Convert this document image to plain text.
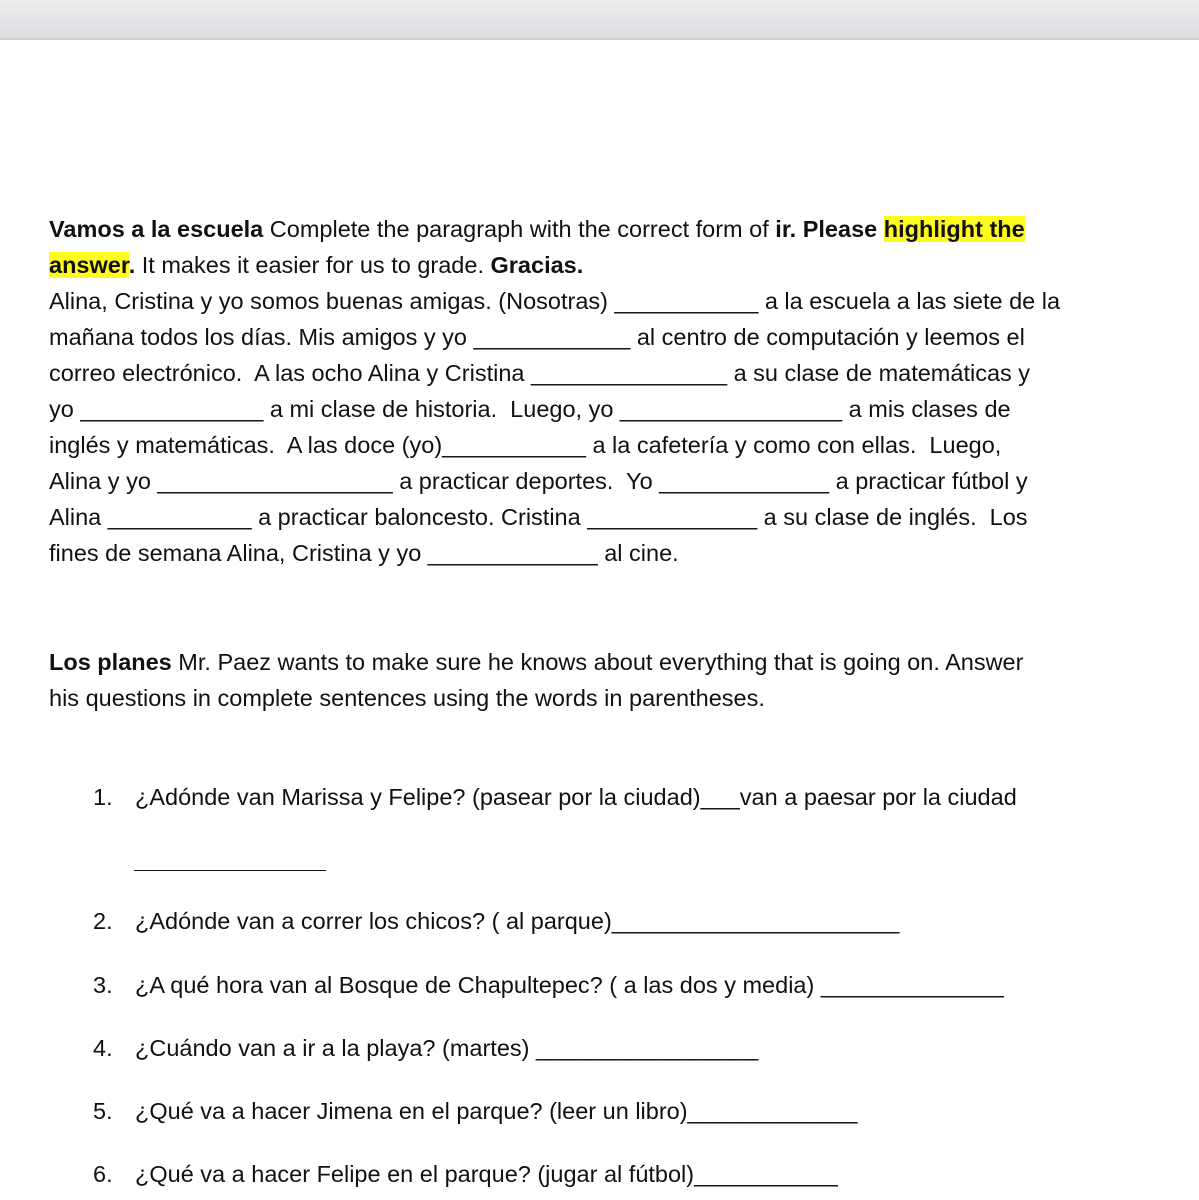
Vamos a la escuela Complete the paragraph with the correct form of ir. Please highlight the
answer. It makes it easier for us to grade. Gracias.
Alina, Cristina y yo somos buenas amigas. (Nosotras) ___________ a la escuela a las siete de la
mañana todos los días. Mis amigos y yo ____________ al centro de computación y leemos el
correo electrónico.  A las ocho Alina y Cristina _______________ a su clase de matemáticas y
yo ______________ a mi clase de historia.  Luego, yo _________________ a mis clases de
inglés y matemáticas.  A las doce (yo)___________ a la cafetería y como con ellas.  Luego,
Alina y yo __________________ a practicar deportes.  Yo _____________ a practicar fútbol y
Alina ___________ a practicar baloncesto. Cristina _____________ a su clase de inglés.  Los
fines de semana Alina, Cristina y yo _____________ al cine.
Los planes Mr. Paez wants to make sure he knows about everything that is going on. Answer
his questions in complete sentences using the words in parentheses.
1. ¿Adónde van Marissa y Felipe? (pasear por la ciudad)___van a paesar por la ciudad
2. ¿Adónde van a correr los chicos? ( al parque)______________________
3. ¿A qué hora van al Bosque de Chapultepec? ( a las dos y media) ______________
4. ¿Cuándo van a ir a la playa? (martes) _________________
5. ¿Qué va a hacer Jimena en el parque? (leer un libro)_____________
6. ¿Qué va a hacer Felipe en el parque? (jugar al fútbol)___________
